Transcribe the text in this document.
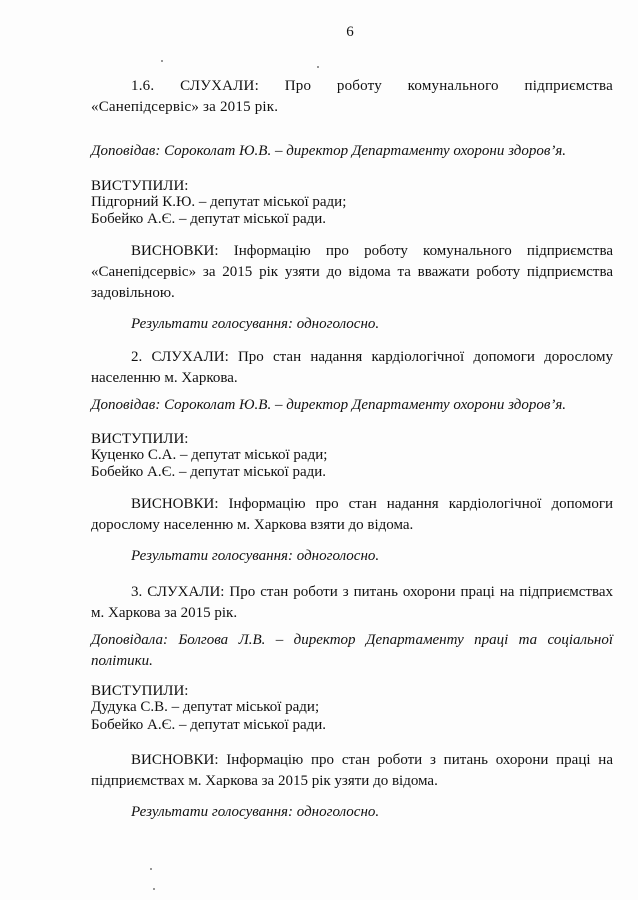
6

1.6. СЛУХАЛИ: Про роботу комунального підприємства «Санепідсервіс» за 2015 рік.

Доповідав: Сороколат Ю.В. – директор Департаменту охорони здоров’я.

ВИСТУПИЛИ:

Підгорний К.Ю. – депутат міської ради;

Бобейко А.Є. – депутат міської ради.

ВИСНОВКИ: Інформацію про роботу комунального підприємства «Санепідсервіс» за 2015 рік узяти до відома та вважати роботу підприємства задовільною.

Результати голосування: одноголосно.

2. СЛУХАЛИ: Про стан надання кардіологічної допомоги дорослому населенню м. Харкова.

Доповідав: Сороколат Ю.В. – директор Департаменту охорони здоров’я.

ВИСТУПИЛИ:

Куценко С.А. – депутат міської ради;

Бобейко А.Є. – депутат міської ради.

ВИСНОВКИ: Інформацію про стан надання кардіологічної допомоги дорослому населенню м. Харкова взяти до відома.

Результати голосування: одноголосно.

3. СЛУХАЛИ: Про стан роботи з питань охорони праці на підприємствах м. Харкова за 2015 рік.

Доповідала: Болгова Л.В. – директор Департаменту праці та соціальної політики.

ВИСТУПИЛИ:

Дудука С.В. – депутат міської ради;

Бобейко А.Є. – депутат міської ради.

ВИСНОВКИ: Інформацію про стан роботи з питань охорони праці на підприємствах м. Харкова за 2015 рік узяти до відома.

Результати голосування: одноголосно.
